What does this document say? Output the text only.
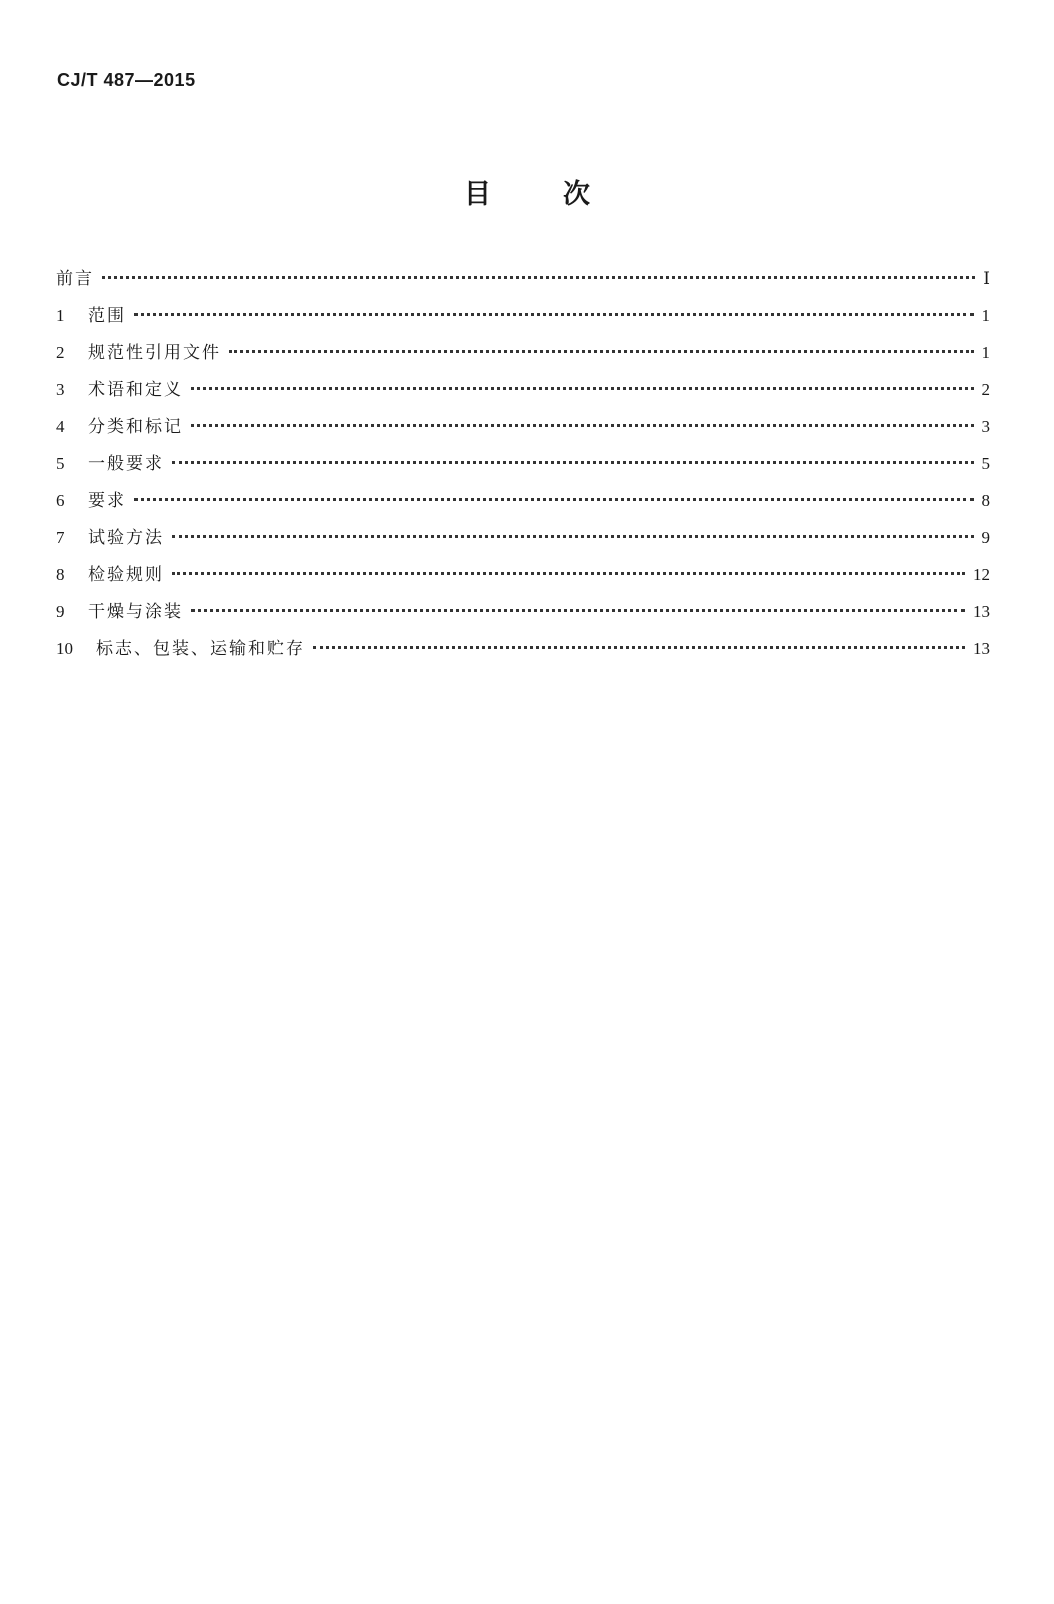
CJ/T 487—2015
目	次
前言	Ⅰ
1	范围	1
2	规范性引用文件	1
3	术语和定义	2
4	分类和标记	3
5	一般要求	5
6	要求	8
7	试验方法	9
8	检验规则	12
9	干燥与涂装	13
10	标志、包装、运输和贮存	13
